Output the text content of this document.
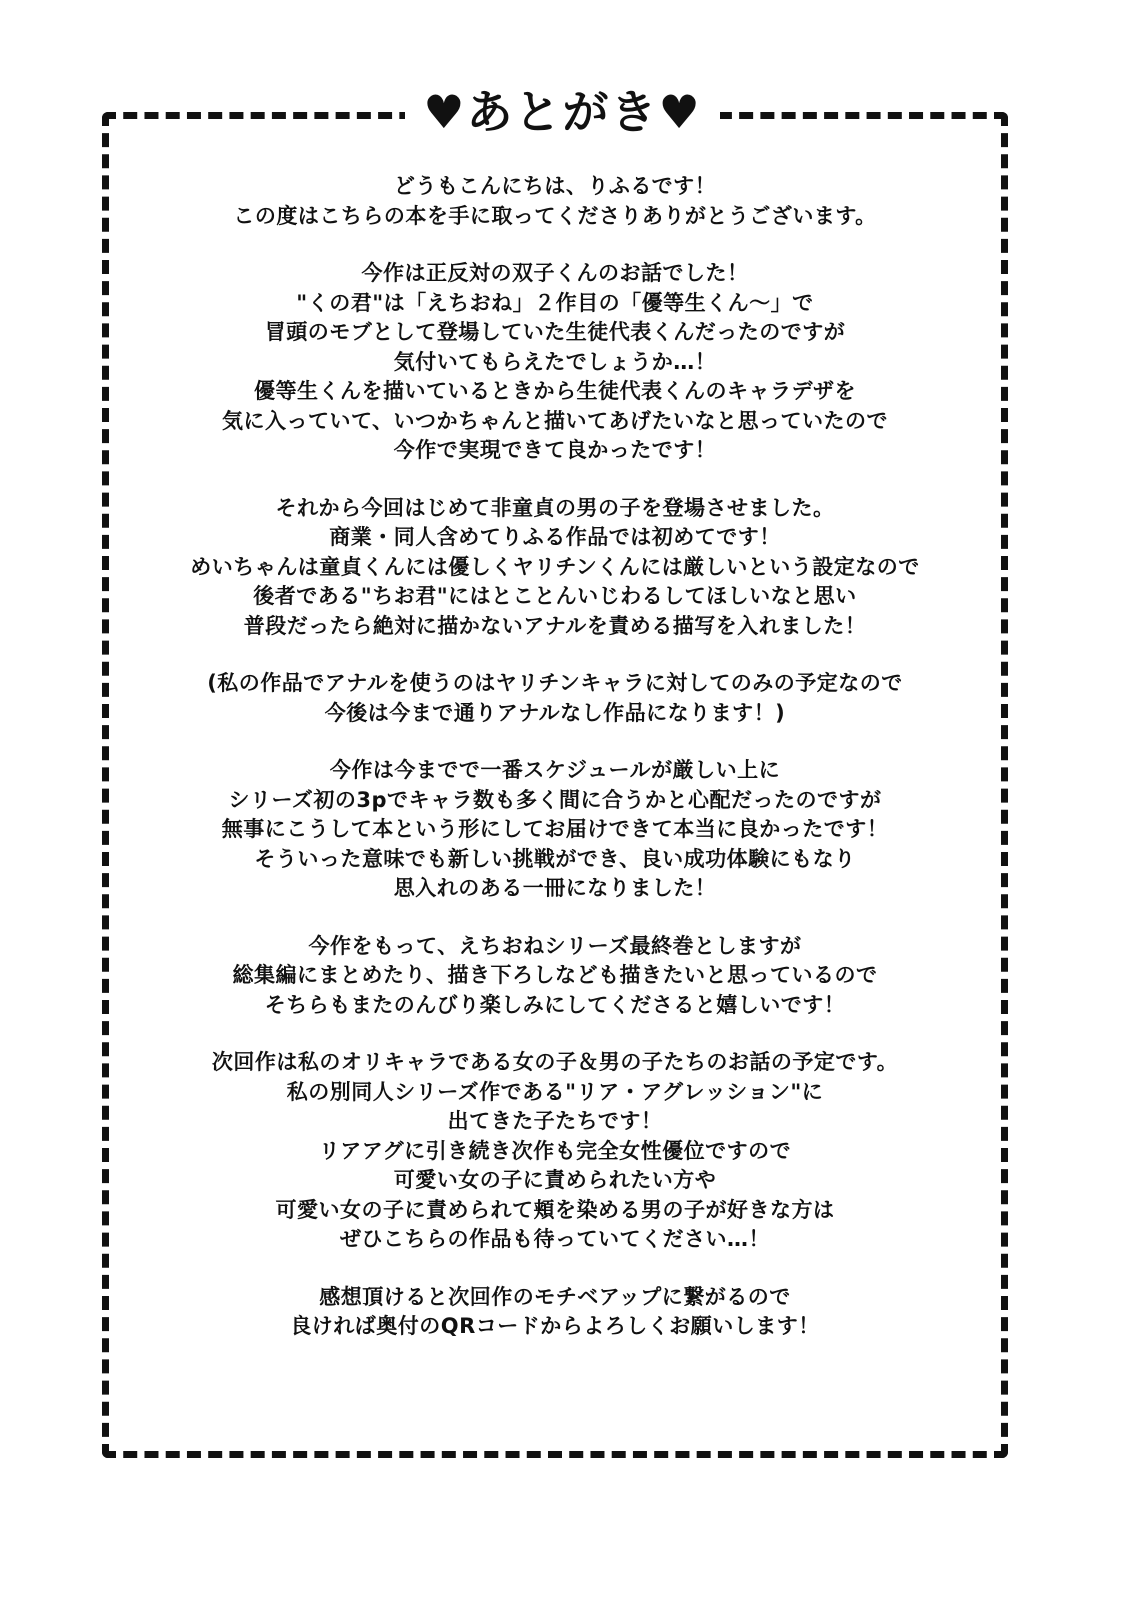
♥あとがき♥
どうもこんにちは、りふるです！
この度はこちらの本を手に取ってくださりありがとうございます。
今作は正反対の双子くんのお話でした！
"くの君"は「えちおね」２作目の「優等生くん〜」で
冒頭のモブとして登場していた生徒代表くんだったのですが
気付いてもらえたでしょうか…！
優等生くんを描いているときから生徒代表くんのキャラデザを
気に入っていて、いつかちゃんと描いてあげたいなと思っていたので
今作で実現できて良かったです！
それから今回はじめて非童貞の男の子を登場させました。
商業・同人含めてりふる作品では初めてです！
めいちゃんは童貞くんには優しくヤリチンくんには厳しいという設定なので
後者である"ちお君"にはとことんいじわるしてほしいなと思い
普段だったら絶対に描かないアナルを責める描写を入れました！
(私の作品でアナルを使うのはヤリチンキャラに対してのみの予定なので
今後は今まで通りアナルなし作品になります！)
今作は今までで一番スケジュールが厳しい上に
シリーズ初の3pでキャラ数も多く間に合うかと心配だったのですが
無事にこうして本という形にしてお届けできて本当に良かったです！
そういった意味でも新しい挑戦ができ、良い成功体験にもなり
思入れのある一冊になりました！
今作をもって、えちおねシリーズ最終巻としますが
総集編にまとめたり、描き下ろしなども描きたいと思っているので
そちらもまたのんびり楽しみにしてくださると嬉しいです！
次回作は私のオリキャラである女の子＆男の子たちのお話の予定です。
私の別同人シリーズ作である"リア・アグレッション"に
出てきた子たちです！
リアアグに引き続き次作も完全女性優位ですので
可愛い女の子に責められたい方や
可愛い女の子に責められて頬を染める男の子が好きな方は
ぜひこちらの作品も待っていてください…！
感想頂けると次回作のモチベアップに繋がるので
良ければ奥付のQRコードからよろしくお願いします！
